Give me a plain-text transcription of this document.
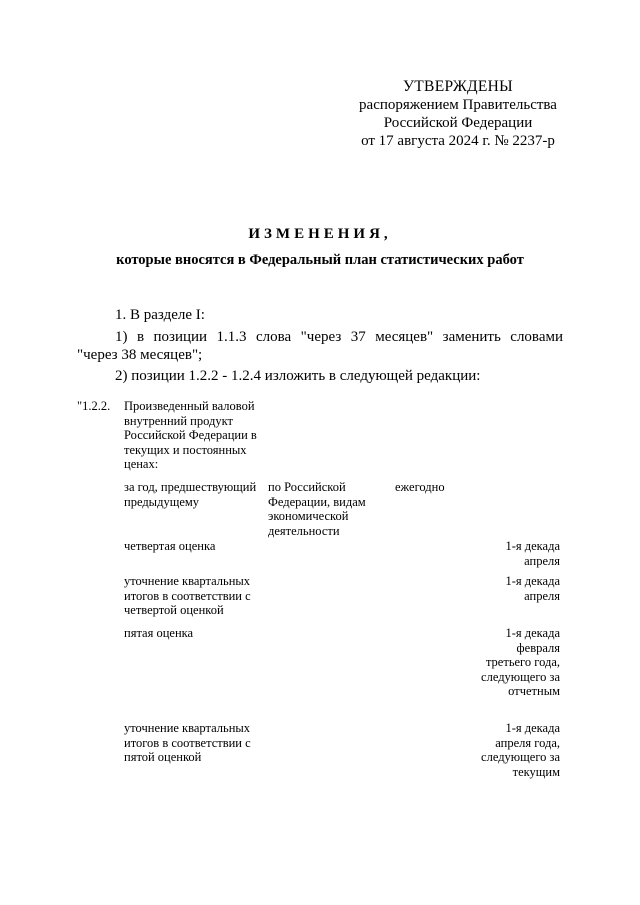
УТВЕРЖДЕНЫ
распоряжением Правительства
Российской Федерации
от 17 августа 2024 г. № 2237-р
ИЗМЕНЕНИЯ,
которые вносятся в Федеральный план статистических работ
1. В разделе I:
1) в позиции 1.1.3 слова "через 37 месяцев" заменить словами
"через 38 месяцев";
2) позиции 1.2.2 - 1.2.4 изложить в следующей редакции:
"1.2.2. Произведенный валовой внутренний продукт Российской Федерации в текущих и постоянных ценах:
за год, предшествующий предыдущему
по Российской Федерации, видам экономической деятельности
ежегодно
четвертая оценка	1-я декада апреля
уточнение квартальных итогов в соответствии с четвертой оценкой
1-я декада апреля
пятая оценка	1-я декада февраля третьего года, следующего за отчетным
уточнение квартальных итогов в соответствии с пятой оценкой
1-я декада апреля года, следующего за текущим
